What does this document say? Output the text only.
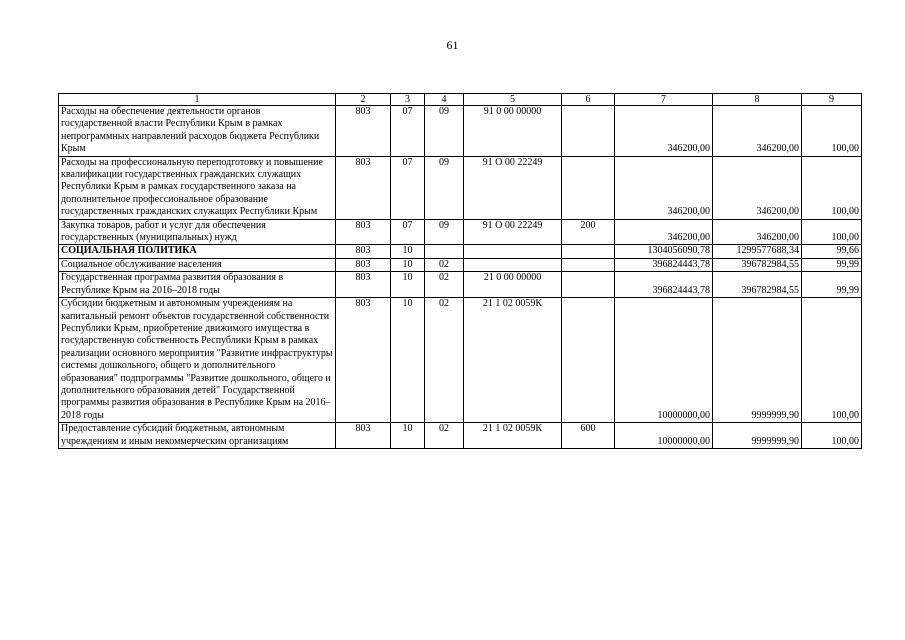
61
1	2	3	4	5	6	7	8	9
Расходы на обеспечение деятельности органов государственной власти Республики Крым в рамках непрограммных направлений расходов бюджета Республики Крым	803	07	09	91 0 00 00000		346200,00	346200,00	100,00
Расходы на профессиональную переподготовку и повышение квалификации государственных гражданских служащих Республики Крым в рамках государственного заказа на дополнительное профессиональное образование государственных гражданских служащих Республики Крым	803	07	09	91 О 00 22249		346200,00	346200,00	100,00
Закупка товаров, работ и услуг для обеспечения государственных (муниципальных) нужд	803	07	09	91 О 00 22249	200	346200,00	346200,00	100,00
СОЦИАЛЬНАЯ ПОЛИТИКА	803	10				1304056090,78	1299577688,34	99,66
Социальное обслуживание населения	803	10	02			396824443,78	396782984,55	99,99
Государственная программа развития образования в Республике Крым на 2016–2018 годы	803	10	02	21 0 00 00000		396824443,78	396782984,55	99,99
Субсидии бюджетным и автономным учреждениям на капитальный ремонт объектов государственной собственности Республики Крым, приобретение движимого имущества в государственную собственность Республики Крым в рамках реализации основного мероприятия "Развитие инфраструктуры системы дошкольного, общего и дополнительного образования" подпрограммы "Развитие дошкольного, общего и дополнительного образования детей" Государственной программы развития образования в Республике Крым на 2016–2018 годы	803	10	02	21 1 02 0059К		10000000,00	9999999,90	100,00
Предоставление субсидий бюджетным, автономным учреждениям и иным некоммерческим организациям	803	10	02	21 1 02 0059К	600	10000000,00	9999999,90	100,00
